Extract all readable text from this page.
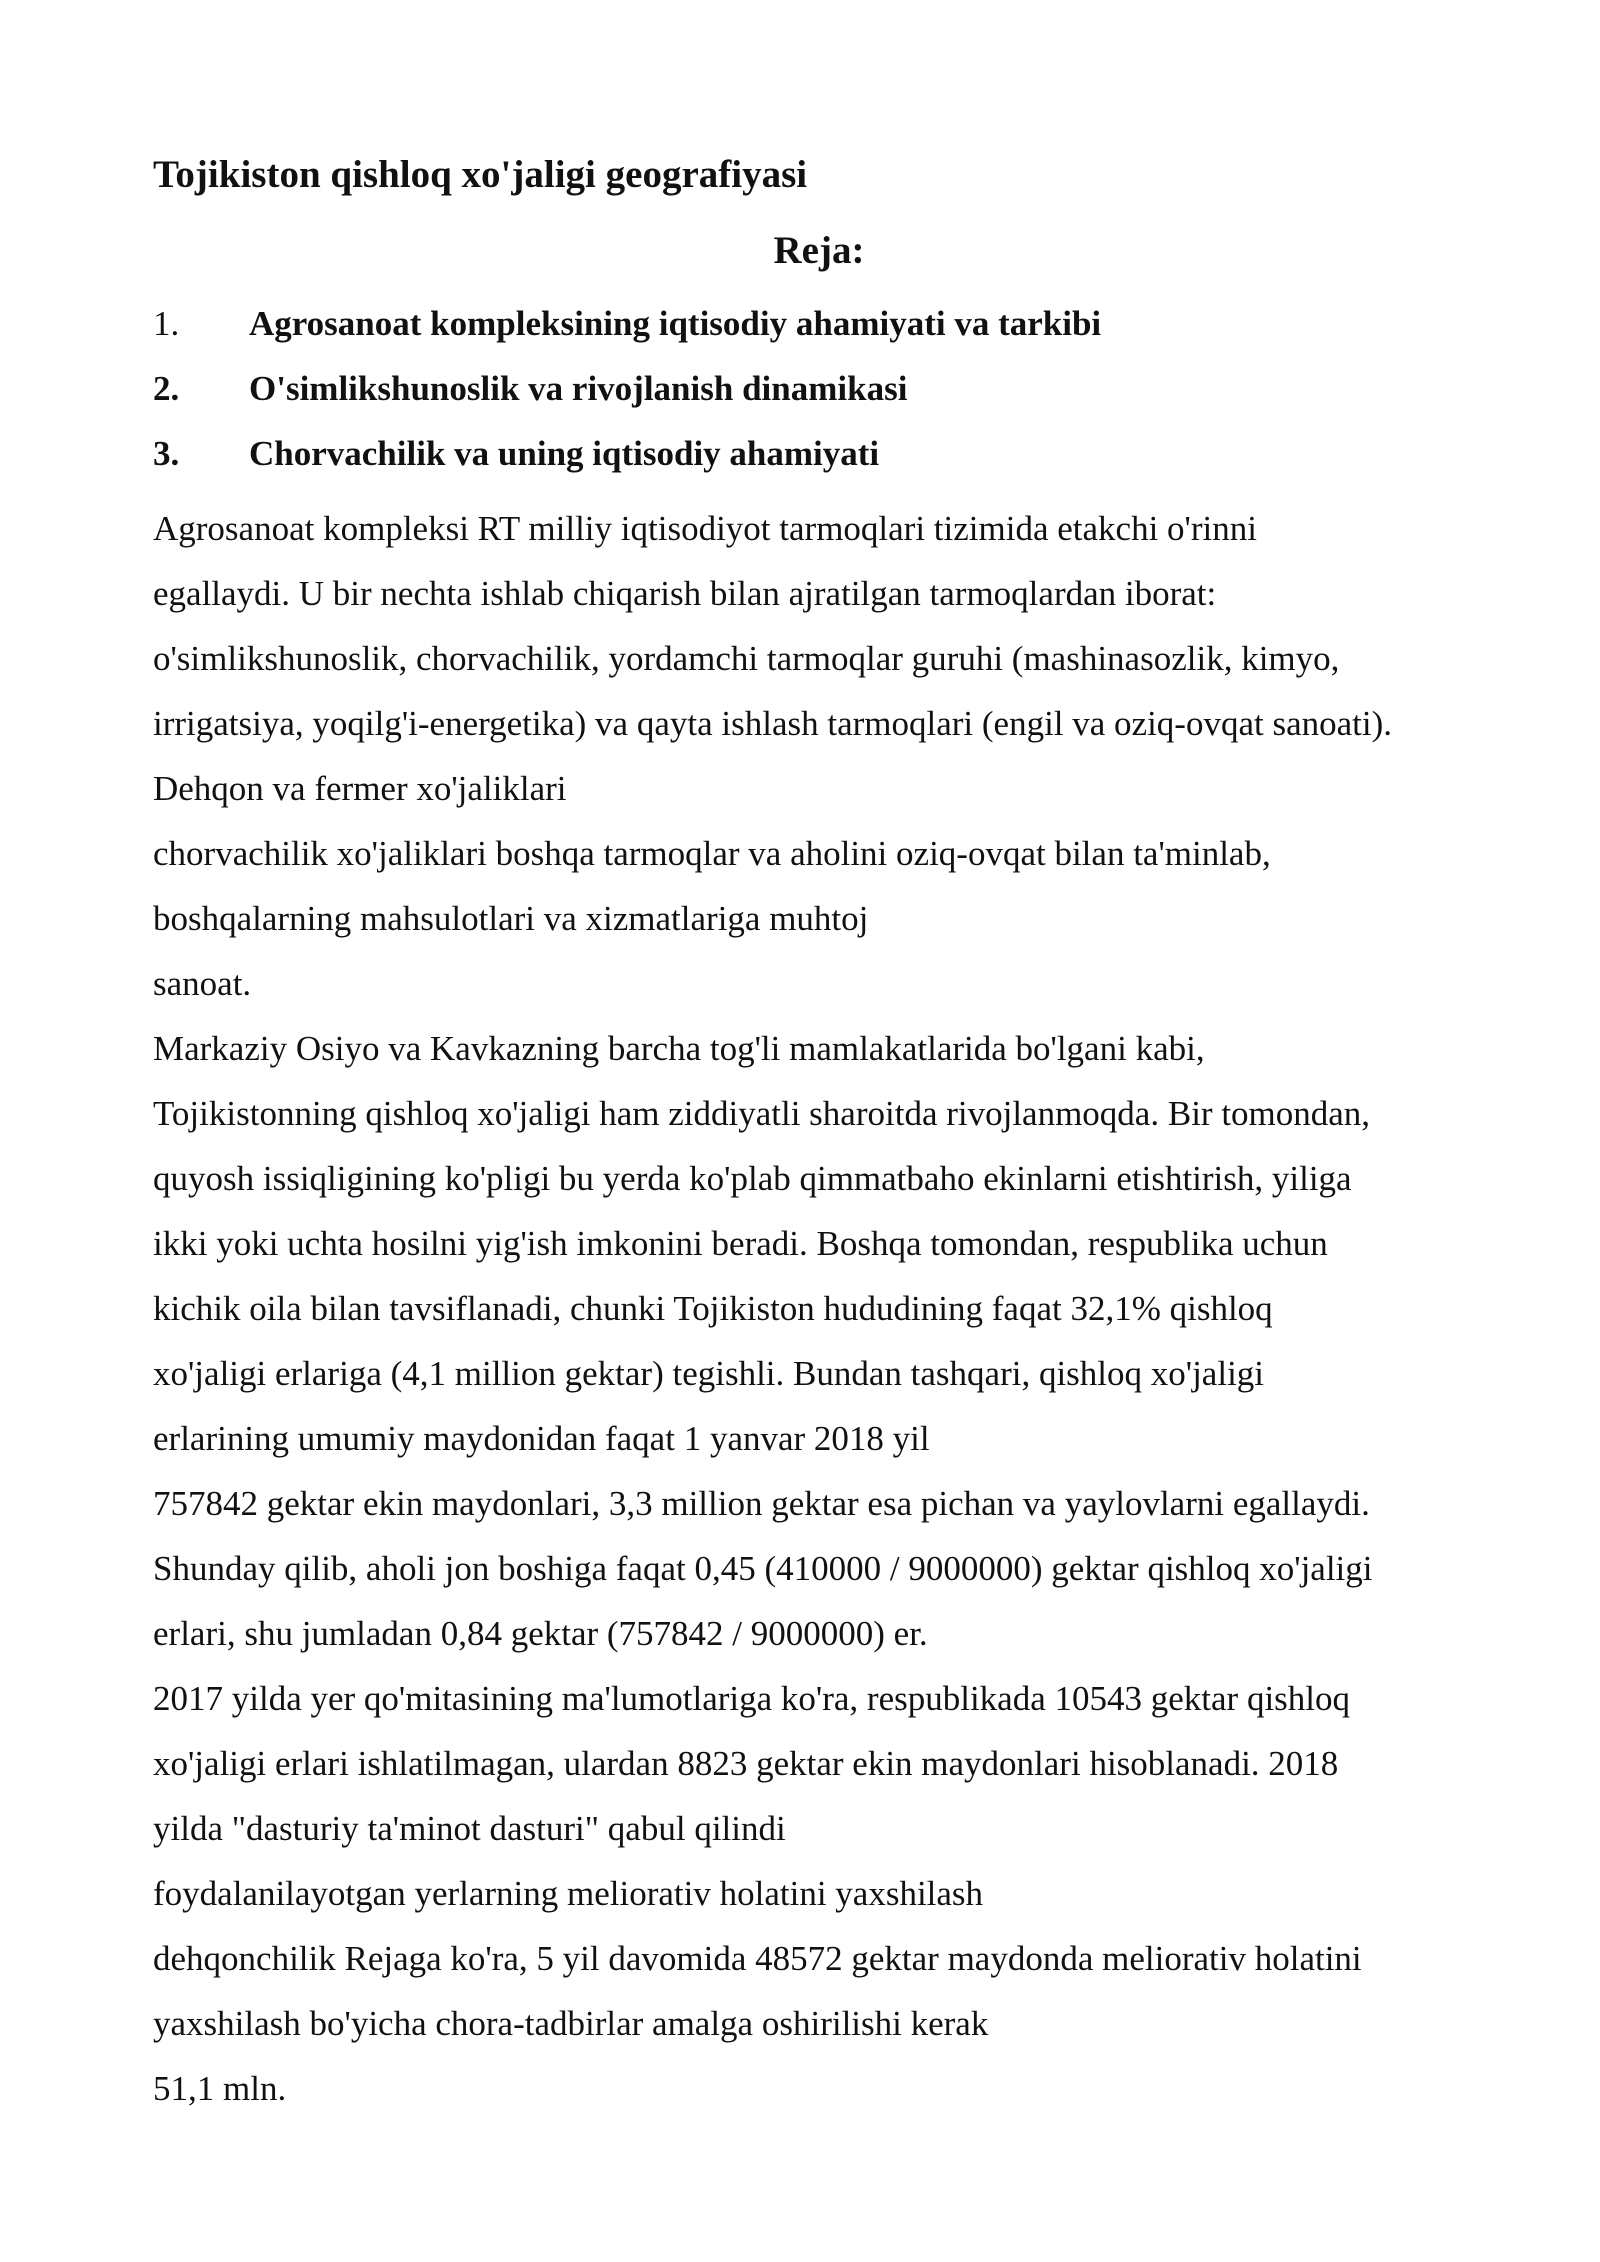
Tojikiston qishloq xo'jaligi geografiyasi
Reja:
1. Agrosanoat kompleksining iqtisodiy ahamiyati va tarkibi
2. O'simlikshunoslik va rivojlanish dinamikasi
3. Chorvachilik va uning iqtisodiy ahamiyati
Agrosanoat kompleksi RT milliy iqtisodiyot tarmoqlari tizimida etakchi o'rinni
egallaydi. U bir nechta ishlab chiqarish bilan ajratilgan tarmoqlardan iborat:
o'simlikshunoslik, chorvachilik, yordamchi tarmoqlar guruhi (mashinasozlik, kimyo,
irrigatsiya, yoqilg'i-energetika) va qayta ishlash tarmoqlari (engil va oziq-ovqat sanoati).
Dehqon va fermer xo'jaliklari
chorvachilik xo'jaliklari boshqa tarmoqlar va aholini oziq-ovqat bilan ta'minlab,
boshqalarning mahsulotlari va xizmatlariga muhtoj
sanoat.
Markaziy Osiyo va Kavkazning barcha tog'li mamlakatlarida bo'lgani kabi,
Tojikistonning qishloq xo'jaligi ham ziddiyatli sharoitda rivojlanmoqda. Bir tomondan,
quyosh issiqligining ko'pligi bu yerda ko'plab qimmatbaho ekinlarni etishtirish, yiliga
ikki yoki uchta hosilni yig'ish imkonini beradi. Boshqa tomondan, respublika uchun
kichik oila bilan tavsiflanadi, chunki Tojikiston hududining faqat 32,1% qishloq
xo'jaligi erlariga (4,1 million gektar) tegishli. Bundan tashqari, qishloq xo'jaligi
erlarining umumiy maydonidan faqat 1 yanvar 2018 yil
757842 gektar ekin maydonlari, 3,3 million gektar esa pichan va yaylovlarni egallaydi.
Shunday qilib, aholi jon boshiga faqat 0,45 (410000 / 9000000) gektar qishloq xo'jaligi
erlari, shu jumladan 0,84 gektar (757842 / 9000000) er.
2017 yilda yer qo'mitasining ma'lumotlariga ko'ra, respublikada 10543 gektar qishloq
xo'jaligi erlari ishlatilmagan, ulardan 8823 gektar ekin maydonlari hisoblanadi. 2018
yilda "dasturiy ta'minot dasturi" qabul qilindi
foydalanilayotgan yerlarning meliorativ holatini yaxshilash
dehqonchilik Rejaga ko'ra, 5 yil davomida 48572 gektar maydonda meliorativ holatini
yaxshilash bo'yicha chora-tadbirlar amalga oshirilishi kerak
51,1 mln.
